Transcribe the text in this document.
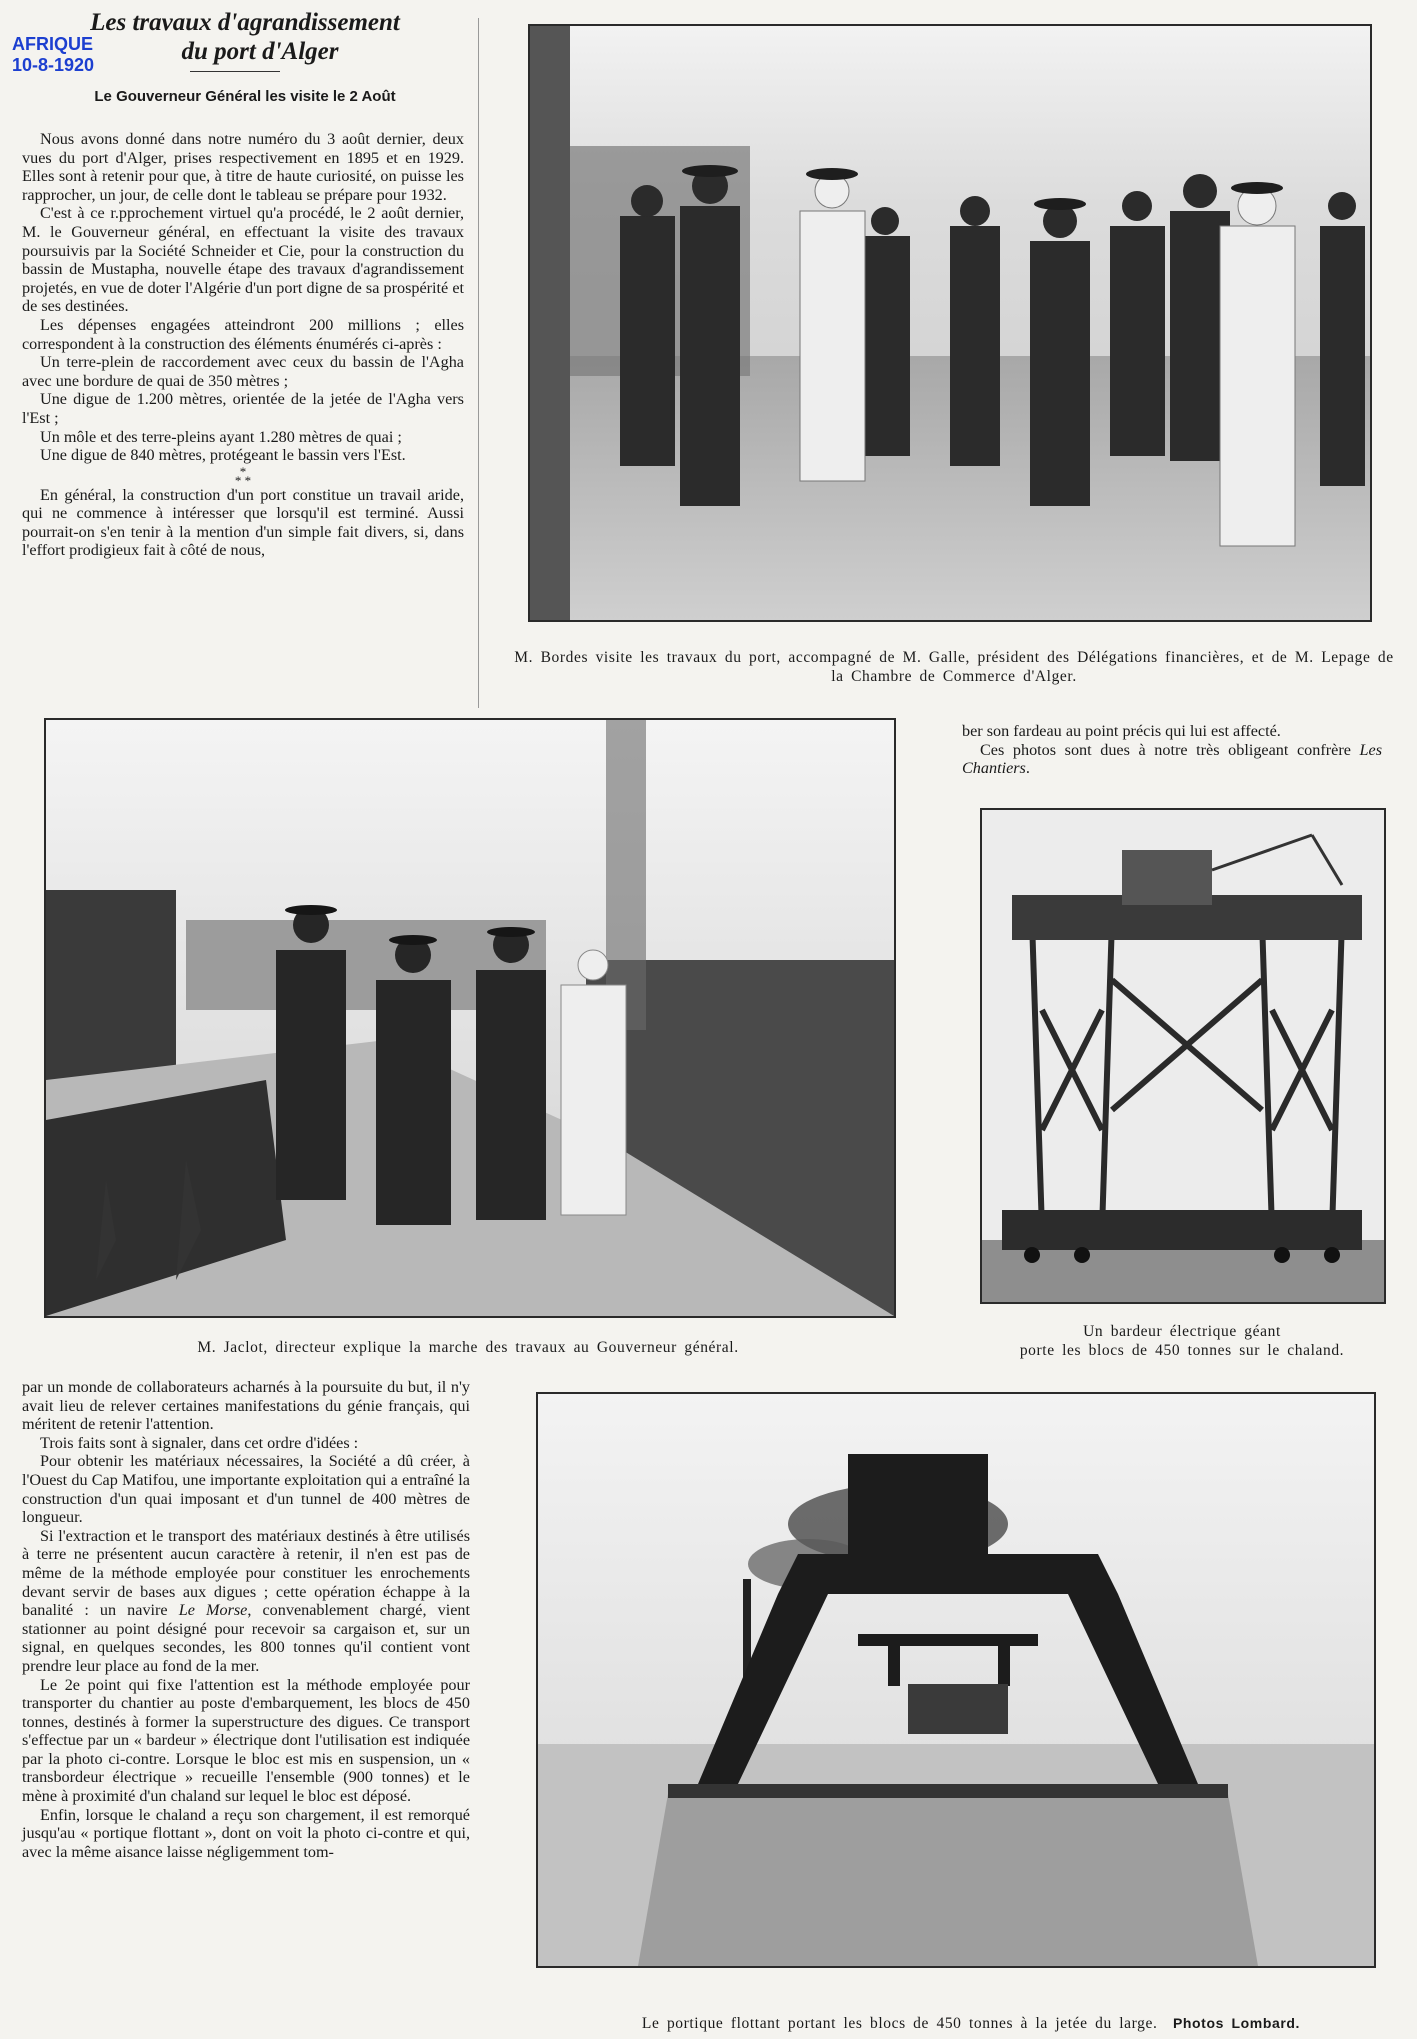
AFRIQUE
10-8-1920
Les travaux d'agrandissement
du port d'Alger
Le Gouverneur Général les visite le 2 Août

Nous avons donné dans notre numéro du 3 août dernier, deux vues du port d'Alger, prises respectivement en 1895 et en 1929. Elles sont à retenir pour que, à titre de haute curiosité, on puisse les rapprocher, un jour, de celle dont le tableau se prépare pour 1932.

C'est à ce r.pprochement virtuel qu'a procédé, le 2 août dernier, M. le Gouverneur général, en effectuant la visite des travaux poursuivis par la Société Schneider et Cie, pour la construction du bassin de Mustapha, nouvelle étape des travaux d'agrandissement projetés, en vue de doter l'Algérie d'un port digne de sa prospérité et de ses destinées.

Les dépenses engagées atteindront 200 millions ; elles correspondent à la construction des éléments énumérés ci-après :

Un terre-plein de raccordement avec ceux du bassin de l'Agha avec une bordure de quai de 350 mètres ;

Une digue de 1.200 mètres, orientée de la jetée de l'Agha vers l'Est ;

Un môle et des terre-pleins ayant 1.280 mètres de quai ;

Une digue de 840 mètres, protégeant le bassin vers l'Est.

*
* *

En général, la construction d'un port constitue un travail aride, qui ne commence à intéresser que lorsqu'il est terminé. Aussi pourrait-on s'en tenir à la mention d'un simple fait divers, si, dans l'effort prodigieux fait à côté de nous,

M. Bordes visite les travaux du port, accompagné de M. Galle, président des Délégations financières, et de M. Lepage de la Chambre de Commerce d'Alger.
M. Jaclot, directeur explique la marche des travaux au Gouverneur général.

ber son fardeau au point précis qui lui est affecté.

Ces photos sont dues à notre très obligeant confrère Les Chantiers.

Un bardeur électrique géant
porte les blocs de 450 tonnes sur le chaland.

par un monde de collaborateurs acharnés à la poursuite du but, il n'y avait lieu de relever certaines manifestations du génie français, qui méritent de retenir l'attention.

Trois faits sont à signaler, dans cet ordre d'idées :

Pour obtenir les matériaux nécessaires, la Société a dû créer, à l'Ouest du Cap Matifou, une importante exploitation qui a entraîné la construction d'un quai imposant et d'un tunnel de 400 mètres de longueur.

Si l'extraction et le transport des matériaux destinés à être utilisés à terre ne présentent aucun caractère à retenir, il n'en est pas de même de la méthode employée pour constituer les enrochements devant servir de bases aux digues ; cette opération échappe à la banalité : un navire Le Morse, convenablement chargé, vient stationner au point désigné pour recevoir sa cargaison et, sur un signal, en quelques secondes, les 800 tonnes qu'il contient vont prendre leur place au fond de la mer.

Le 2e point qui fixe l'attention est la méthode employée pour transporter du chantier au poste d'embarquement, les blocs de 450 tonnes, destinés à former la superstructure des digues. Ce transport s'effectue par un « bardeur » électrique dont l'utilisation est indiquée par la photo ci-contre. Lorsque le bloc est mis en suspension, un « transbordeur électrique » recueille l'ensemble (900 tonnes) et le mène à proximité d'un chaland sur lequel le bloc est déposé.

Enfin, lorsque le chaland a reçu son chargement, il est remorqué jusqu'au « portique flottant », dont on voit la photo ci-contre et qui, avec la même aisance laisse négligemment tom-

Le portique flottant portant les blocs de 450 tonnes à la jetée du large. Photos Lombard.
